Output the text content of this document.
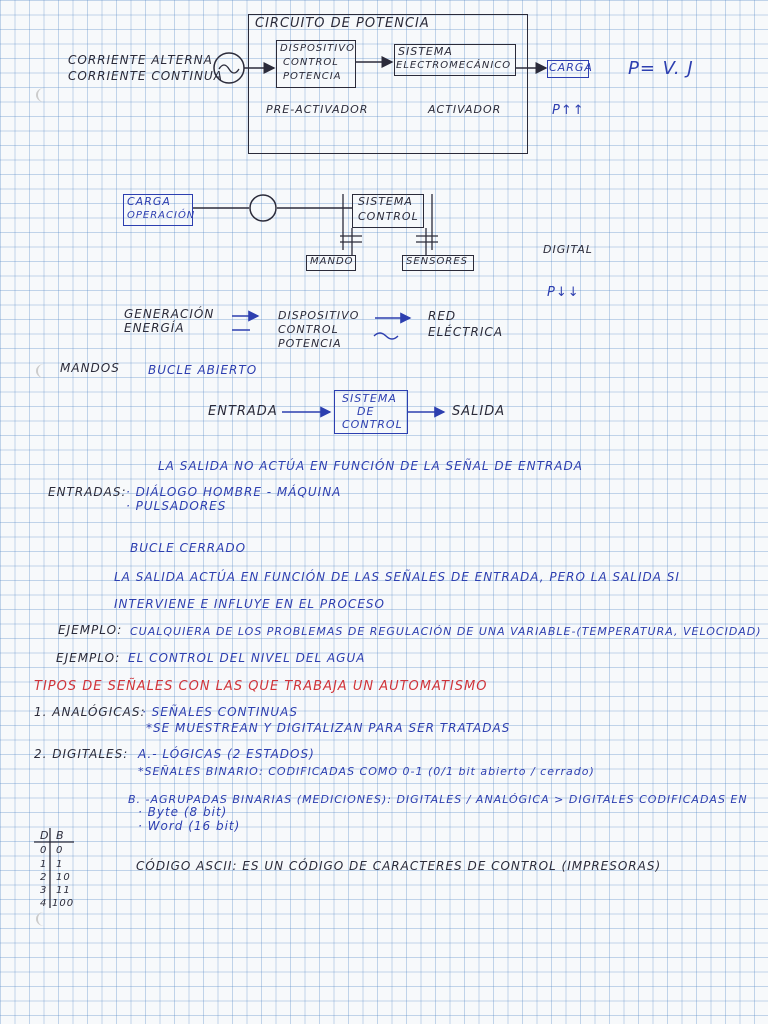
CIRCUITO DE POTENCIA
CORRIENTE ALTERNA
CORRIENTE CONTINUA
DISPOSITIVO
CONTROL
POTENCIA
SISTEMA
ELECTROMECÁNICO	CARGA P= V. J
PRE-ACTIVADOR	ACTIVADOR	P↑↑
CARGA
OPERACIÓN
SISTEMA
CONTROL
MANDO	SENSORES
DIGITAL
P↓↓
GENERACIÓN
ENERGÍA
DISPOSITIVO
CONTROL
POTENCIA
RED
ELÉCTRICA
MANDOS BUCLE ABIERTO
ENTRADA
SISTEMA
DE
CONTROL
SALIDA
LA SALIDA NO ACTÚA EN FUNCIÓN DE LA SEÑAL DE ENTRADA
ENTRADAS: · DIÁLOGO HOMBRE - MÁQUINA
· PULSADORES
BUCLE CERRADO
LA SALIDA ACTÚA EN FUNCIÓN DE LAS SEÑALES DE ENTRADA, PERO LA SALIDA SI
INTERVIENE E INFLUYE EN EL PROCESO
EJEMPLO: CUALQUIERA DE LOS PROBLEMAS DE REGULACIÓN DE UNA VARIABLE-(TEMPERATURA, VELOCIDAD)
EJEMPLO: EL CONTROL DEL NIVEL DEL AGUA
TIPOS DE SEÑALES CON LAS QUE TRABAJA UN AUTOMATISMO
1. ANALÓGICAS:
· SEÑALES CONTINUAS
*SE MUESTREAN Y DIGITALIZAN PARA SER TRATADAS
2. DIGITALES: A.- LÓGICAS (2 ESTADOS)
*SEÑALES BINARIO: CODIFICADAS COMO 0-1 (0/1 bit abierto / cerrado)
B. -AGRUPADAS BINARIAS (MEDICIONES): DIGITALES / ANALÓGICA > DIGITALES CODIFICADAS EN
· Byte (8 bit)
· Word (16 bit)
CÓDIGO ASCII: ES UN CÓDIGO DE CARACTERES DE CONTROL (IMPRESORAS)
D B
0 0
1 1
2 10
3 11
4 100
